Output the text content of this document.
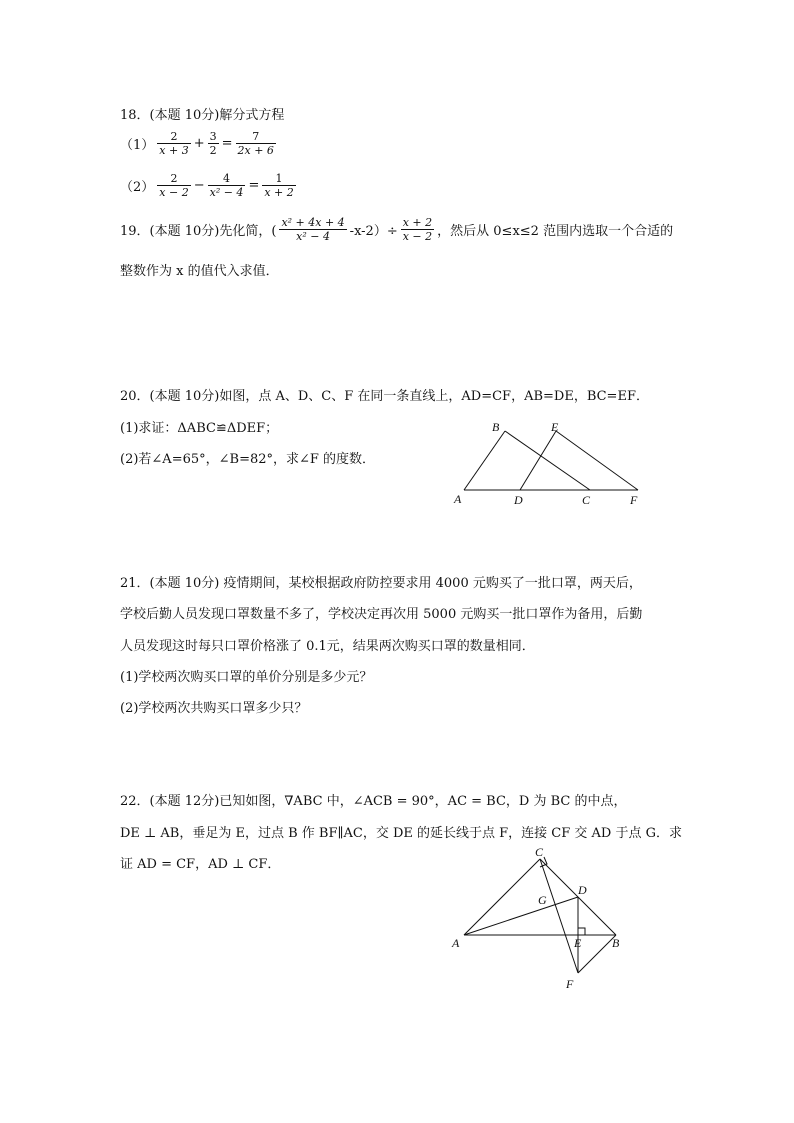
18．(本题 10分)解分式方程
$(1) \frac{2}{x + 3} + \frac{3}{2} = \frac{7}{2x + 6}$
$(2) \frac{2}{x - 2} - \frac{4}{\text{x² − 4}} = \frac{1}{x + 2}$
19．(本题 10分)先化简，( $\frac{\text{x² + 4x + 4}}{\text{x² − 4}} -x-2)\div \frac{x + 2}{x - 2}$ ，然后从 0≤x≤2 范围内选取一个合适的
整数作为 x 的值代入求值．
20．(本题 10分)如图，点 A、D、C、F 在同一条直线上，AD=CF，AB=DE，BC=EF．
(1)求证：ΔABC≌ΔDEF；
(2)若∠A=65°，∠B=82°，求∠F 的度数．
A
B
C
D
E
F
21．(本题 10分) 疫情期间，某校根据政府防控要求用 4000 元购买了一批口罩，两天后，
学校后勤人员发现口罩数量不多了，学校决定再次用 5000 元购买一批口罩作为备用，后勤
人员发现这时每只口罩价格涨了 0.1元，结果两次购买口罩的数量相同．
(1)学校两次购买口罩的单价分别是多少元？
(2)学校两次共购买口罩多少只？
22．(本题 12分)已知如图，∇ABC 中，∠ACB = 90°，AC = BC，D 为 BC 的中点，
DE ⊥ AB，垂足为 E，过点 B 作 BF∥AC，交 DE 的延长线于点 F，连接 CF 交 AD 于点 G．求
证 AD = CF，AD ⊥ CF．
A	B
C
D
E
F
G
